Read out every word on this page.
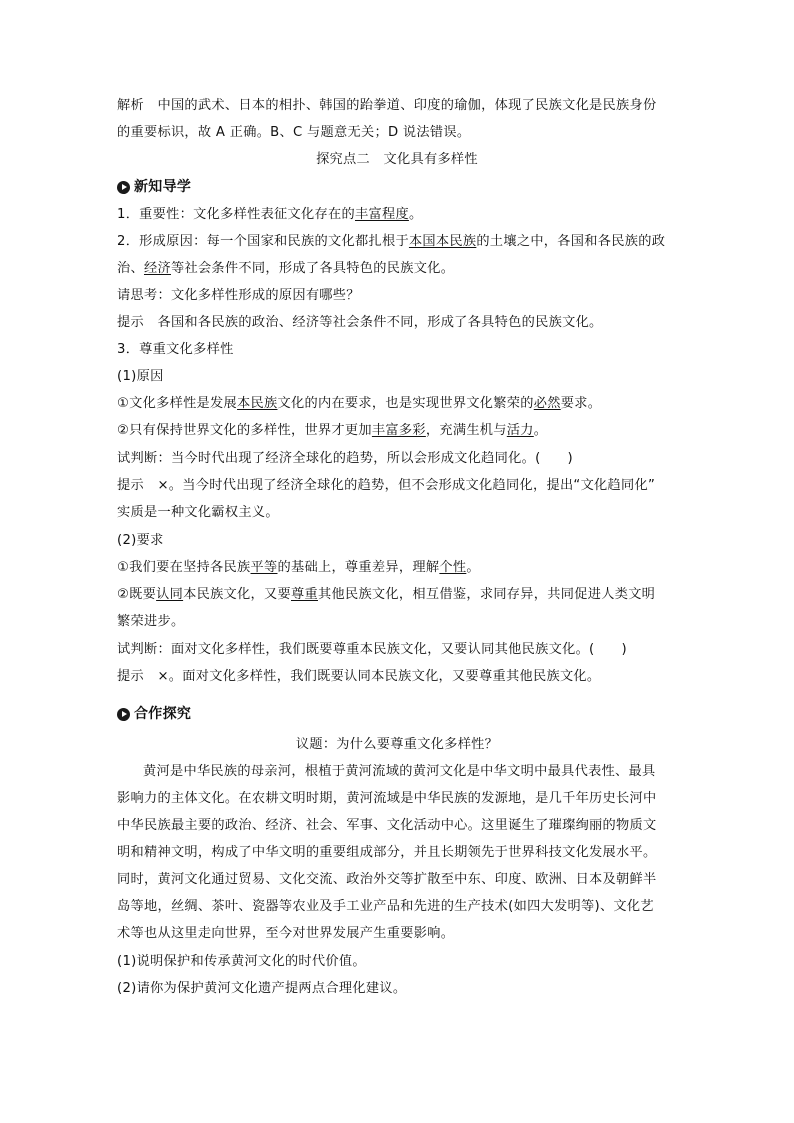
解析　中国的武术、日本的相扑、韩国的跆拳道、印度的瑜伽，体现了民族文化是民族身份
的重要标识，故 A 正确。B、C 与题意无关；D 说法错误。
探究点二　文化具有多样性
新知导学
1．重要性：文化多样性表征文化存在的丰富程度。
2．形成原因：每一个国家和民族的文化都扎根于本国本民族的土壤之中，各国和各民族的政
治、经济等社会条件不同，形成了各具特色的民族文化。
请思考：文化多样性形成的原因有哪些？
提示　各国和各民族的政治、经济等社会条件不同，形成了各具特色的民族文化。
3．尊重文化多样性
(1)原因
①文化多样性是发展本民族文化的内在要求，也是实现世界文化繁荣的必然要求。
②只有保持世界文化的多样性，世界才更加丰富多彩，充满生机与活力。
试判断：当今时代出现了经济全球化的趋势，所以会形成文化趋同化。(　　)
提示　×。当今时代出现了经济全球化的趋势，但不会形成文化趋同化，提出“文化趋同化”
实质是一种文化霸权主义。
(2)要求
①我们要在坚持各民族平等的基础上，尊重差异，理解个性。
②既要认同本民族文化，又要尊重其他民族文化，相互借鉴，求同存异，共同促进人类文明
繁荣进步。
试判断：面对文化多样性，我们既要尊重本民族文化，又要认同其他民族文化。(　　)
提示　×。面对文化多样性，我们既要认同本民族文化，又要尊重其他民族文化。
合作探究
议题：为什么要尊重文化多样性？
黄河是中华民族的母亲河，根植于黄河流域的黄河文化是中华文明中最具代表性、最具
影响力的主体文化。在农耕文明时期，黄河流域是中华民族的发源地，是几千年历史长河中
中华民族最主要的政治、经济、社会、军事、文化活动中心。这里诞生了璀璨绚丽的物质文
明和精神文明，构成了中华文明的重要组成部分，并且长期领先于世界科技文化发展水平。
同时，黄河文化通过贸易、文化交流、政治外交等扩散至中东、印度、欧洲、日本及朝鲜半
岛等地，丝绸、茶叶、瓷器等农业及手工业产品和先进的生产技术(如四大发明等)、文化艺
术等也从这里走向世界，至今对世界发展产生重要影响。
(1)说明保护和传承黄河文化的时代价值。
(2)请你为保护黄河文化遗产提两点合理化建议。
